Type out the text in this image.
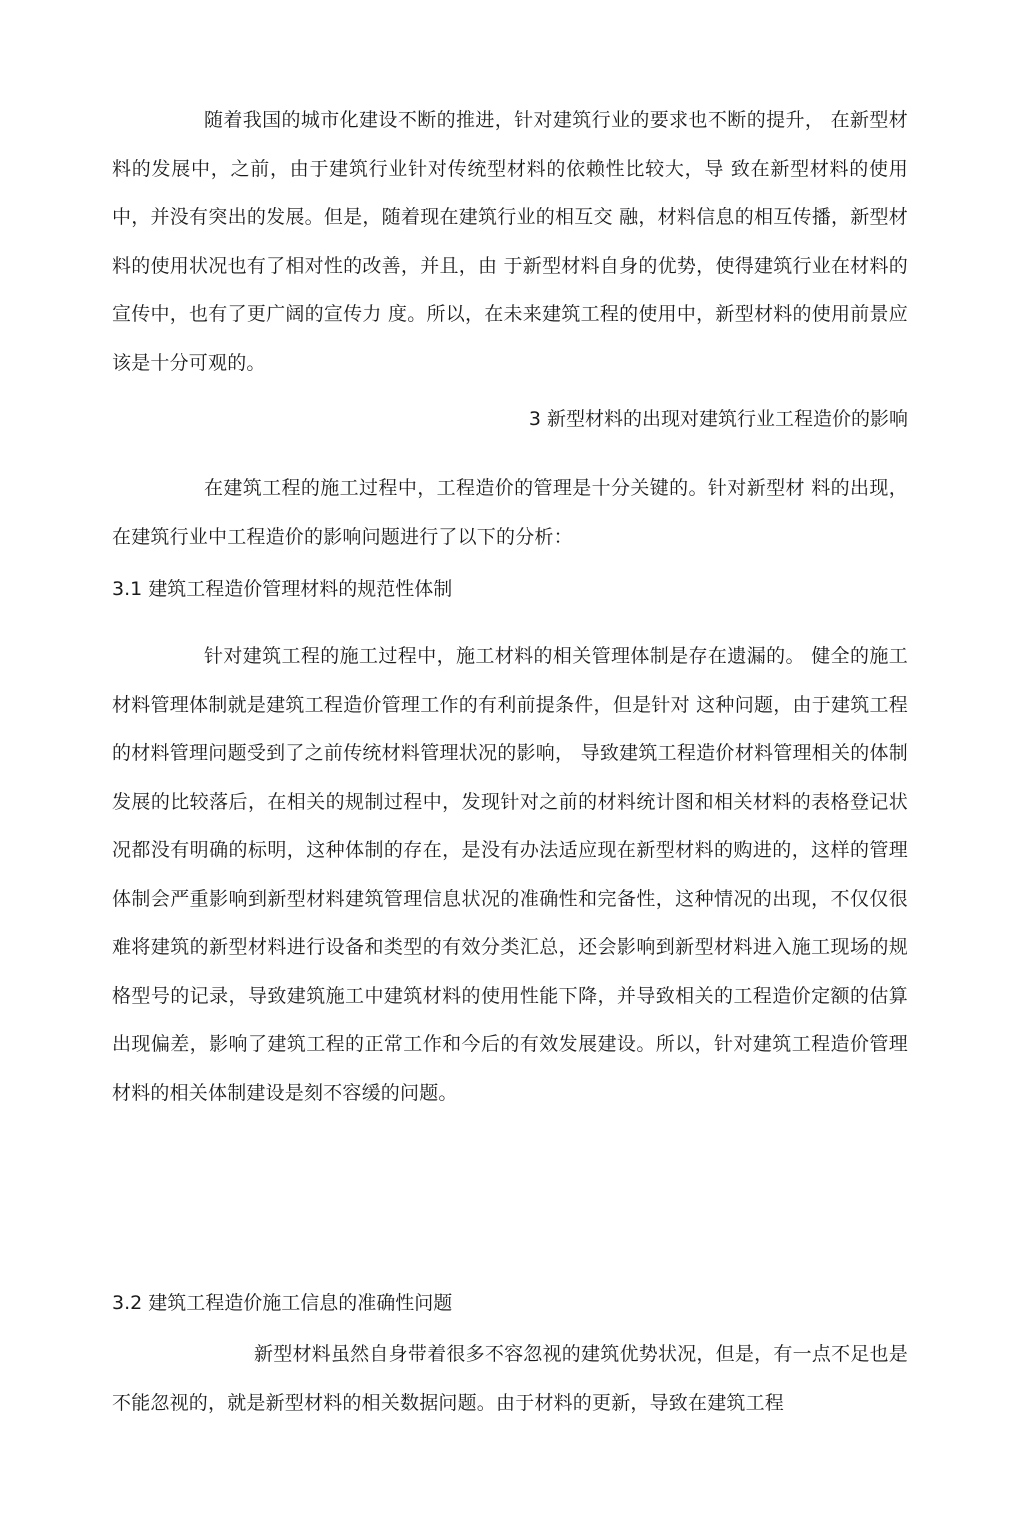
随着我国的城市化建设不断的推进，针对建筑行业的要求也不断的提升， 在新型材料的发展中，之前，由于建筑行业针对传统型材料的依赖性比较大，导 致在新型材料的使用中，并没有突出的发展。但是，随着现在建筑行业的相互交 融，材料信息的相互传播，新型材料的使用状况也有了相对性的改善，并且，由 于新型材料自身的优势，使得建筑行业在材料的宣传中，也有了更广阔的宣传力 度。所以，在未来建筑工程的使用中，新型材料的使用前景应该是十分可观的。

3 新型材料的出现对建筑行业工程造价的影响

在建筑工程的施工过程中，工程造价的管理是十分关键的。针对新型材 料的出现，在建筑行业中工程造价的影响问题进行了以下的分析：

3.1 建筑工程造价管理材料的规范性体制

针对建筑工程的施工过程中，施工材料的相关管理体制是存在遗漏的。 健全的施工材料管理体制就是建筑工程造价管理工作的有利前提条件，但是针对 这种问题，由于建筑工程的材料管理问题受到了之前传统材料管理状况的影响， 导致建筑工程造价材料管理相关的体制发展的比较落后，在相关的规制过程中，发现针对之前的材料统计图和相关材料的表格登记状况都没有明确的标明，这种体制的存在，是没有办法适应现在新型材料的购进的，这样的管理体制会严重影响到新型材料建筑管理信息状况的准确性和完备性，这种情况的出现，不仅仅很难将建筑的新型材料进行设备和类型的有效分类汇总，还会影响到新型材料进入施工现场的规格型号的记录，导致建筑施工中建筑材料的使用性能下降，并导致相关的工程造价定额的估算出现偏差，影响了建筑工程的正常工作和今后的有效发展建设。所以，针对建筑工程造价管理材料的相关体制建设是刻不容缓的问题。

3.2 建筑工程造价施工信息的准确性问题

新型材料虽然自身带着很多不容忽视的建筑优势状况，但是，有一点不足也是不能忽视的，就是新型材料的相关数据问题。由于材料的更新，导致在建筑工程
